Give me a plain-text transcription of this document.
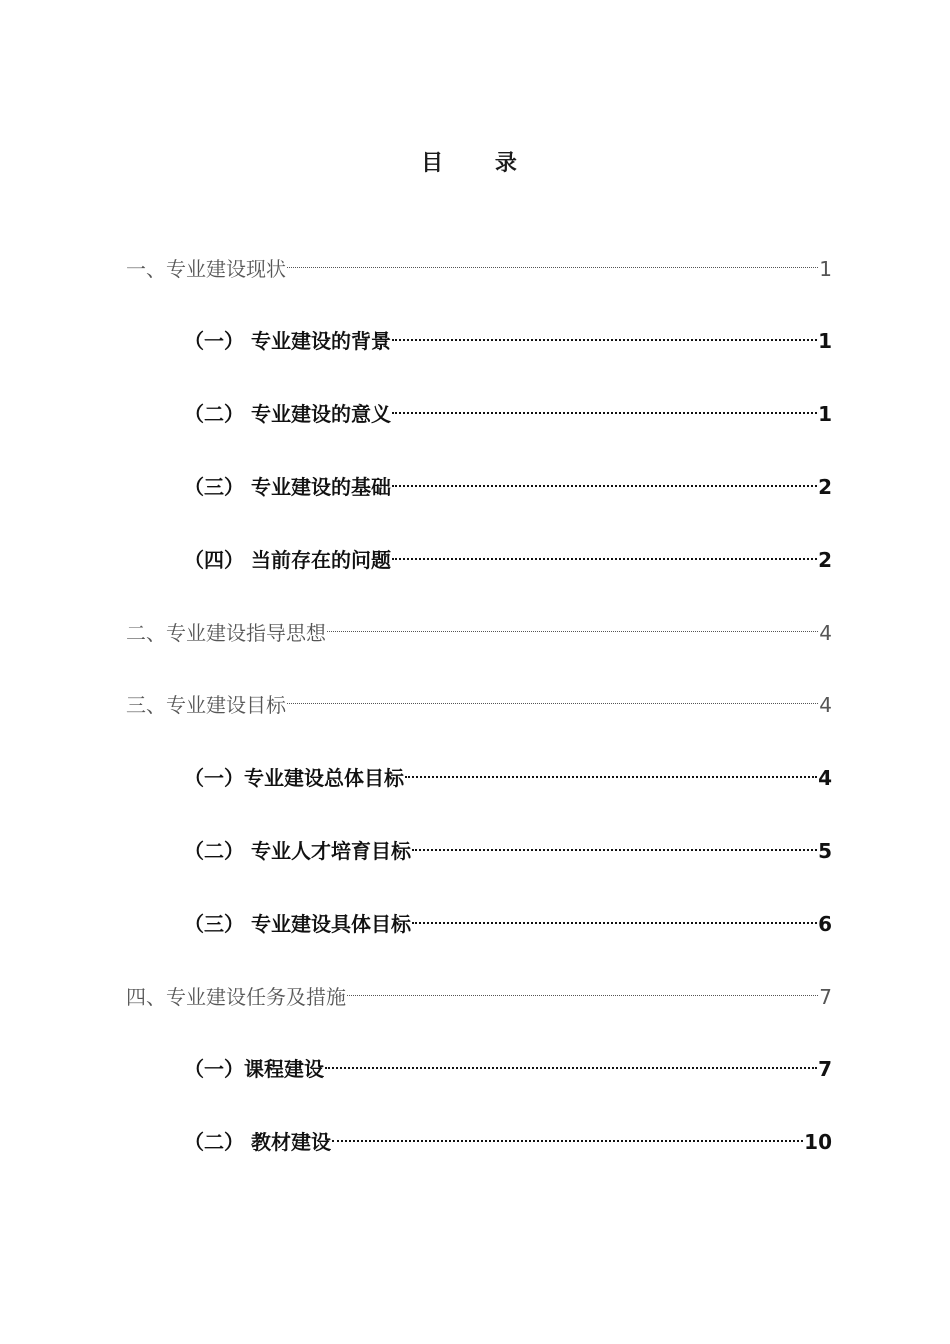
目 录
一、专业建设现状	1
（一） 专业建设的背景	1
（二） 专业建设的意义	1
（三） 专业建设的基础	2
（四） 当前存在的问题	2
二、专业建设指导思想	4
三、专业建设目标	4
（一）专业建设总体目标	4
（二） 专业人才培育目标	5
（三） 专业建设具体目标	6
四、专业建设任务及措施	7
（一）课程建设	7
（二） 教材建设	10
